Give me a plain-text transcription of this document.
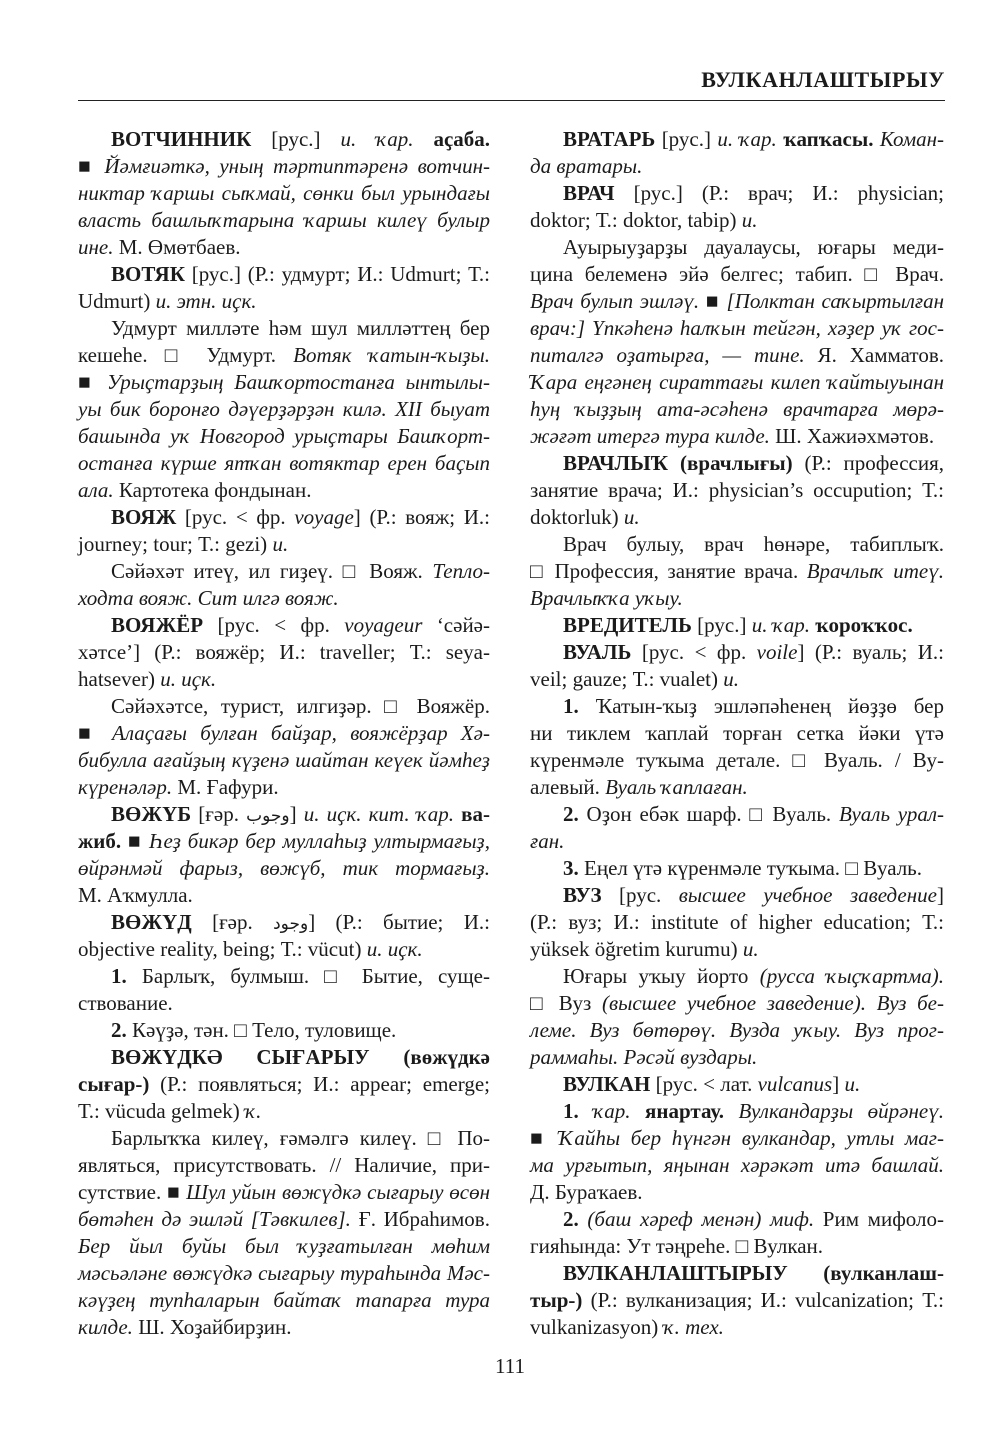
ВУЛКАНЛАШТЫРЫУ
ВОТЧИННИК [рус.] и. ҡар. аҫаба.
■ Йәмғиәткә, уның тәртиптәренә вотчин-
никтар ҡаршы сыҡмай, сөнки был урындағы
власть башлыҡтарына ҡаршы килеү булыр
ине. М. Өмөтбаев.
ВОТЯК [рус.] (Р.: удмурт; И.: Udmurt; Т.:
Udmurt) и. этн. иҫк.
Удмурт милләте һәм шул милләттең бер
кешеһе. □ Удмурт. Вотяк ҡатын-ҡыҙы.
■ Урыҫтарҙың Башҡортостанға ынтылы-
уы бик боронғо дәүерҙәрҙән килә. XII быуат
башында уҡ Новгород урыҫтары Башҡорт-
останға күрше ятҡан вотяктар ерен баҫып
ала. Картотека фондынан.
ВОЯЖ [рус. < фр. voyage] (Р.: вояж; И.:
journey; tour; Т.: gezi) и.
Сәйәхәт итеү, ил гиҙеү. □ Вояж. Тепло-
ходта вояж. Сит илгә вояж.
ВОЯЖЁР [рус. < фр. voyageur ‘сәйә-
хәтсе’] (Р.: вояжёр; И.: traveller; Т.: seya-
hatsever) и. иҫк.
Сәйәхәтсе, турист, илгиҙәр. □ Вояжёр.
■ Алаҫағы булған байҙар, вояжёрҙар Хә-
бибулла ағайҙың күҙенә шайтан кеүек йәмһеҙ
күренәләр. М. Ғафури.
ВӨЖҮБ [ғәр. وجوب] и. иҫк. кит. ҡар. ва-
жиб. ■ Һеҙ бикәр бер муллаһыҙ ултырмағыҙ,
өйрәнмәй фарыз, вөжүб, тик тормағыҙ.
М. Аҡмулла.
ВӨЖҮД [ғәр. وجود] (Р.: бытие; И.:
objective reality, being; Т.: vücut) и. иҫк.
1. Барлыҡ, булмыш. □ Бытие, суще-
ствование.
2. Кәүҙә, тән. □ Тело, туловище.
ВӨЖҮДКӘ СЫҒАРЫУ (вөжүдкә
сығар-) (Р.: появляться; И.: appear; emerge;
Т.: vücuda gelmek) ҡ.
Барлыҡҡа килеү, ғәмәлгә килеү. □ По-
являться, присутствовать. // Наличие, при-
сутствие. ■ Шул уйын вөжүдкә сығарыу өсөн
бөтәһен дә эшләй [Тәвкилев]. Ғ. Ибраһимов.
Бер йыл буйы был ҡуҙғатылған мөһим
мәсьәләне вөжүдкә сығарыу тураһында Мәс-
кәүҙең тупһаларын байтаҡ тапарға тура
килде. Ш. Хоҙайбирҙин.
ВРАТАРЬ [рус.] и. ҡар. ҡапҡасы. Коман-
да вратары.
ВРАЧ [рус.] (Р.: врач; И.: physician;
doktor; Т.: doktor, tabip) и.
Ауырыуҙарҙы дауалаусы, юғары меди-
цина белеменә эйә белгес; табип. □ Врач.
Врач булып эшләү. ■ [Полктан саҡыртылған
врач:] Үпкәһенә һалҡын тейгән, хәҙер уҡ гос-
питалгә оҙатырға, — тине. Я. Хамматов.
Ҡара еңгәнең сираттағы килеп ҡайтыуынан
һуң ҡыҙҙың ата-әсәһенә врачтарға мөрә-
жәғәт итергә тура килде. Ш. Хажиәхмәтов.
ВРАЧЛЫҠ (врачлығы) (Р.: профессия,
занятие врача; И.: physician’s occupution; Т.:
doktorluk) и.
Врач булыу, врач һөнәре, табиплыҡ.
□ Профессия, занятие врача. Врачлыҡ итеү.
Врачлыҡҡа уҡыу.
ВРЕДИТЕЛЬ [рус.] и. ҡар. ҡороҡҡос.
ВУАЛЬ [рус. < фр. voile] (Р.: вуаль; И.:
veil; gauze; Т.: vualet) и.
1. Ҡатын-ҡыҙ эшләпәһенең йөҙҙө бер
ни тиклем ҡаплай торған сетка йәки үтә
күренмәле туҡыма детале. □ Вуаль. / Ву-
алевый. Вуаль ҡаплаған.
2. Оҙон ебәк шарф. □ Вуаль. Вуаль урал-
ған.
3. Еңел үтә күренмәле туҡыма. □ Вуаль.
ВУЗ [рус. высшее учебное заведение]
(Р.: вуз; И.: institute of higher education; Т.:
yüksek öğretim kurumu) и.
Юғары уҡыу йорто (русса ҡыҫҡартма).
□ Вуз (высшее учебное заведение). Вуз бе-
леме. Вуз бөтөрөү. Вузда уҡыу. Вуз прог-
раммаһы. Рәсәй вуздары.
ВУЛКАН [рус. < лат. vulcanus] и.
1. ҡар. янартау. Вулкандарҙы өйрәнеү.
■ Ҡайһы бер һүнгән вулкандар, утлы маг-
ма урғытып, яңынан хәрәкәт итә башлай.
Д. Бураҡаев.
2. (баш хәреф менән) миф. Рим мифоло-
гияһында: Ут тәңреһе. □ Вулкан.
ВУЛКАНЛАШТЫРЫУ (вулканлаш-
тыр-) (Р.: вулканизация; И.: vulcanization; Т.:
vulkanizasyon) ҡ. тех.
111
